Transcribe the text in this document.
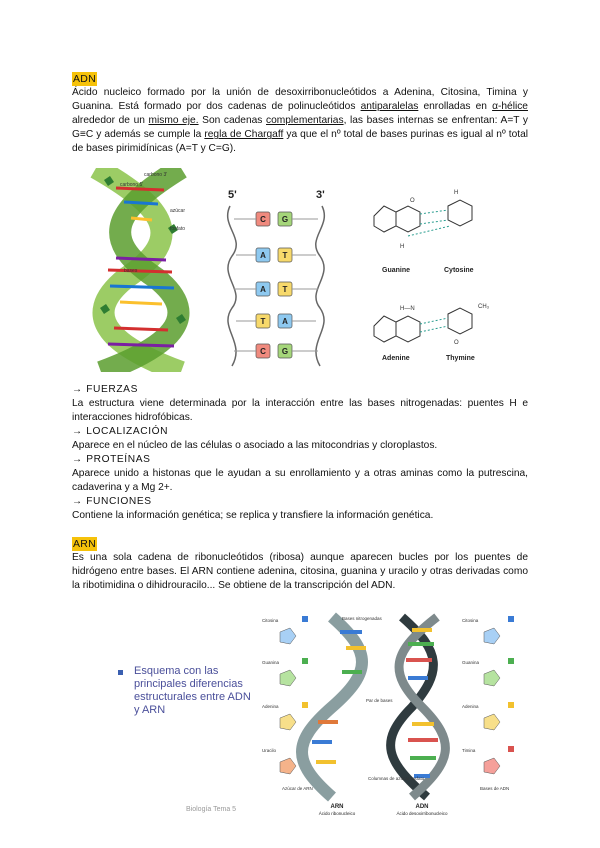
ADN
Ácido nucleico formado por la unión de desoxirribonucleótidos a Adenina, Citosina, Timina y Guanina. Está formado por dos cadenas de polinucleótidos antiparalelas enrolladas en α-hélice alrededor de un mismo eje. Son cadenas complementarias, las bases internas se enfrentan: A=T y G≡C y además se cumple la regla de Chargaff ya que el nº total de bases purinas es igual al nº total de bases pirimidínicas (A=T y C=G).
carbono 3'
carbono 5'
azúcar
fosfato
bases
5'	3'
C G
A T
A T
T A
C G
O
H
H
H—N	CH₃
O
Guanine	Cytosine
Adenine	Thymine
→ FUERZAS
La estructura viene determinada por la interacción entre las bases nitrogenadas: puentes H e interacciones hidrofóbicas.
→ LOCALIZACIÓN
Aparece en el núcleo de las células o asociado a las mitocondrias y cloroplastos.
→ PROTEÍNAS
Aparece unido a histonas que le ayudan a su enrollamiento y a otras aminas como la putrescina, cadaverina y a Mg 2+.
→ FUNCIONES
Contiene la información genética; se replica y transfiere la información genética.
ARN
Es una sola cadena de ribonucleótidos (ribosa) aunque aparecen bucles por los puentes de hidrógeno entre bases. El ARN contiene adenina, citosina, guanina y uracilo y otras derivadas como la ribotimidina o dihidrouracilo... Se obtiene de la transcripción del ADN.
Esquema con las principales diferencias estructurales entre ADN y ARN
Citosina
Guanina
Adenina
Uracilo
Azúcar de ARN
Bases nitrogenadas
Par de bases
Columnas de azúcar-fosfato
Citosina
Guanina
Adenina
Timina
Bases de ADN
ARN
Ácido ribonucleico
ADN
Ácido desoxirribonucleico
Biología Tema 5
